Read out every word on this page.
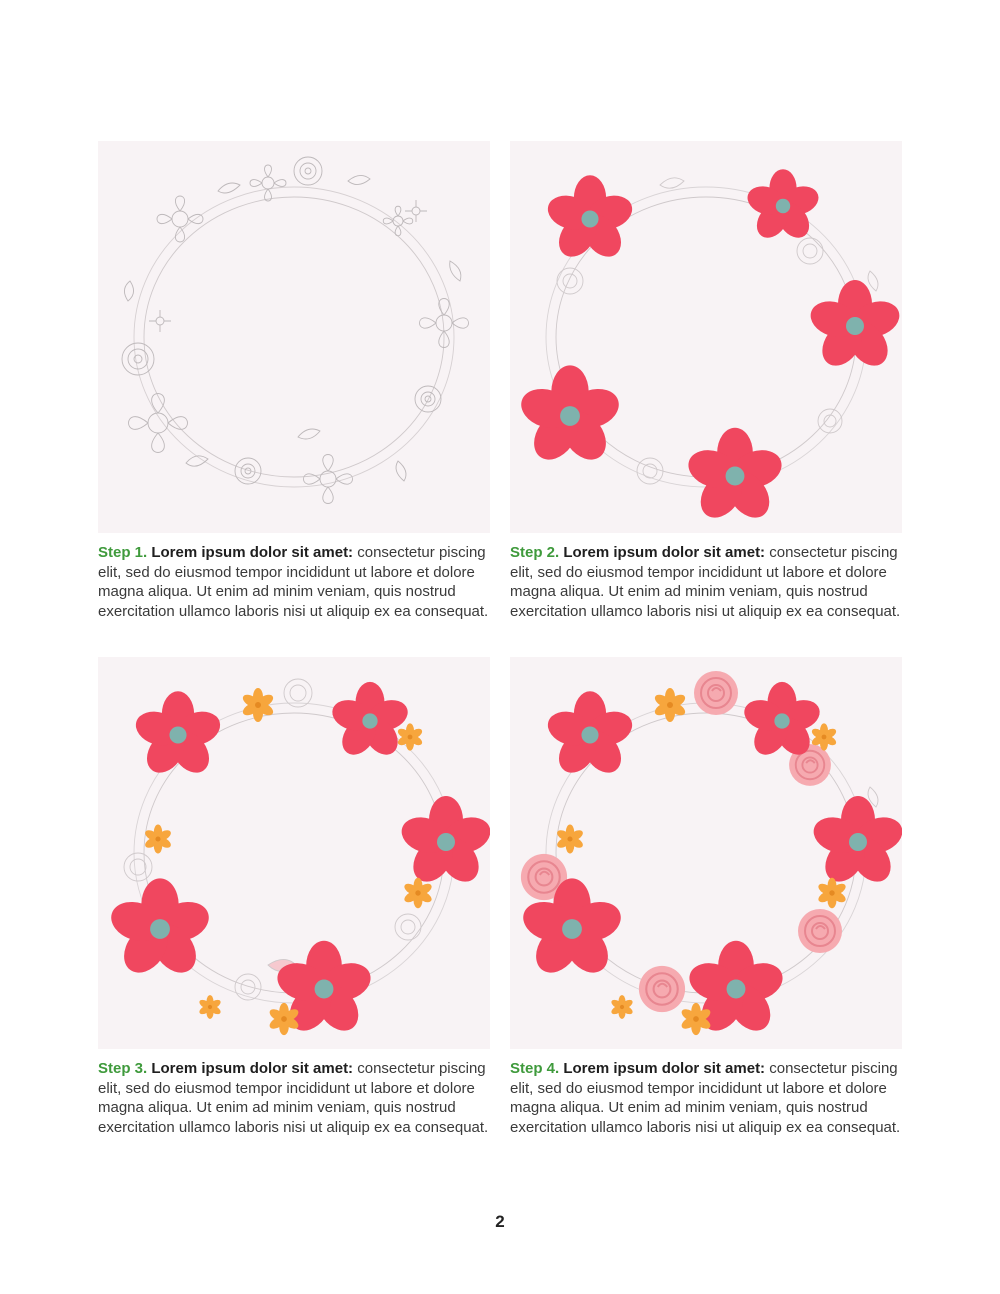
Step 1. Lorem ipsum dolor sit amet: consectetur piscing elit, sed do eiusmod tempor incididunt ut labore et dolore magna aliqua. Ut enim ad minim veniam, quis nostrud exercitation ullamco laboris nisi ut aliquip ex ea consequat.
Step 2. Lorem ipsum dolor sit amet: consectetur piscing elit, sed do eiusmod tempor incididunt ut labore et dolore magna aliqua. Ut enim ad minim veniam, quis nostrud exercitation ullamco laboris nisi ut aliquip ex ea consequat.
Step 3. Lorem ipsum dolor sit amet: consectetur piscing elit, sed do eiusmod tempor incididunt ut labore et dolore magna aliqua. Ut enim ad minim veniam, quis nostrud exercitation ullamco laboris nisi ut aliquip ex ea consequat.
Step 4. Lorem ipsum dolor sit amet: consectetur piscing elit, sed do eiusmod tempor incididunt ut labore et dolore magna aliqua. Ut enim ad minim veniam, quis nostrud exercitation ullamco laboris nisi ut aliquip ex ea consequat.
2
